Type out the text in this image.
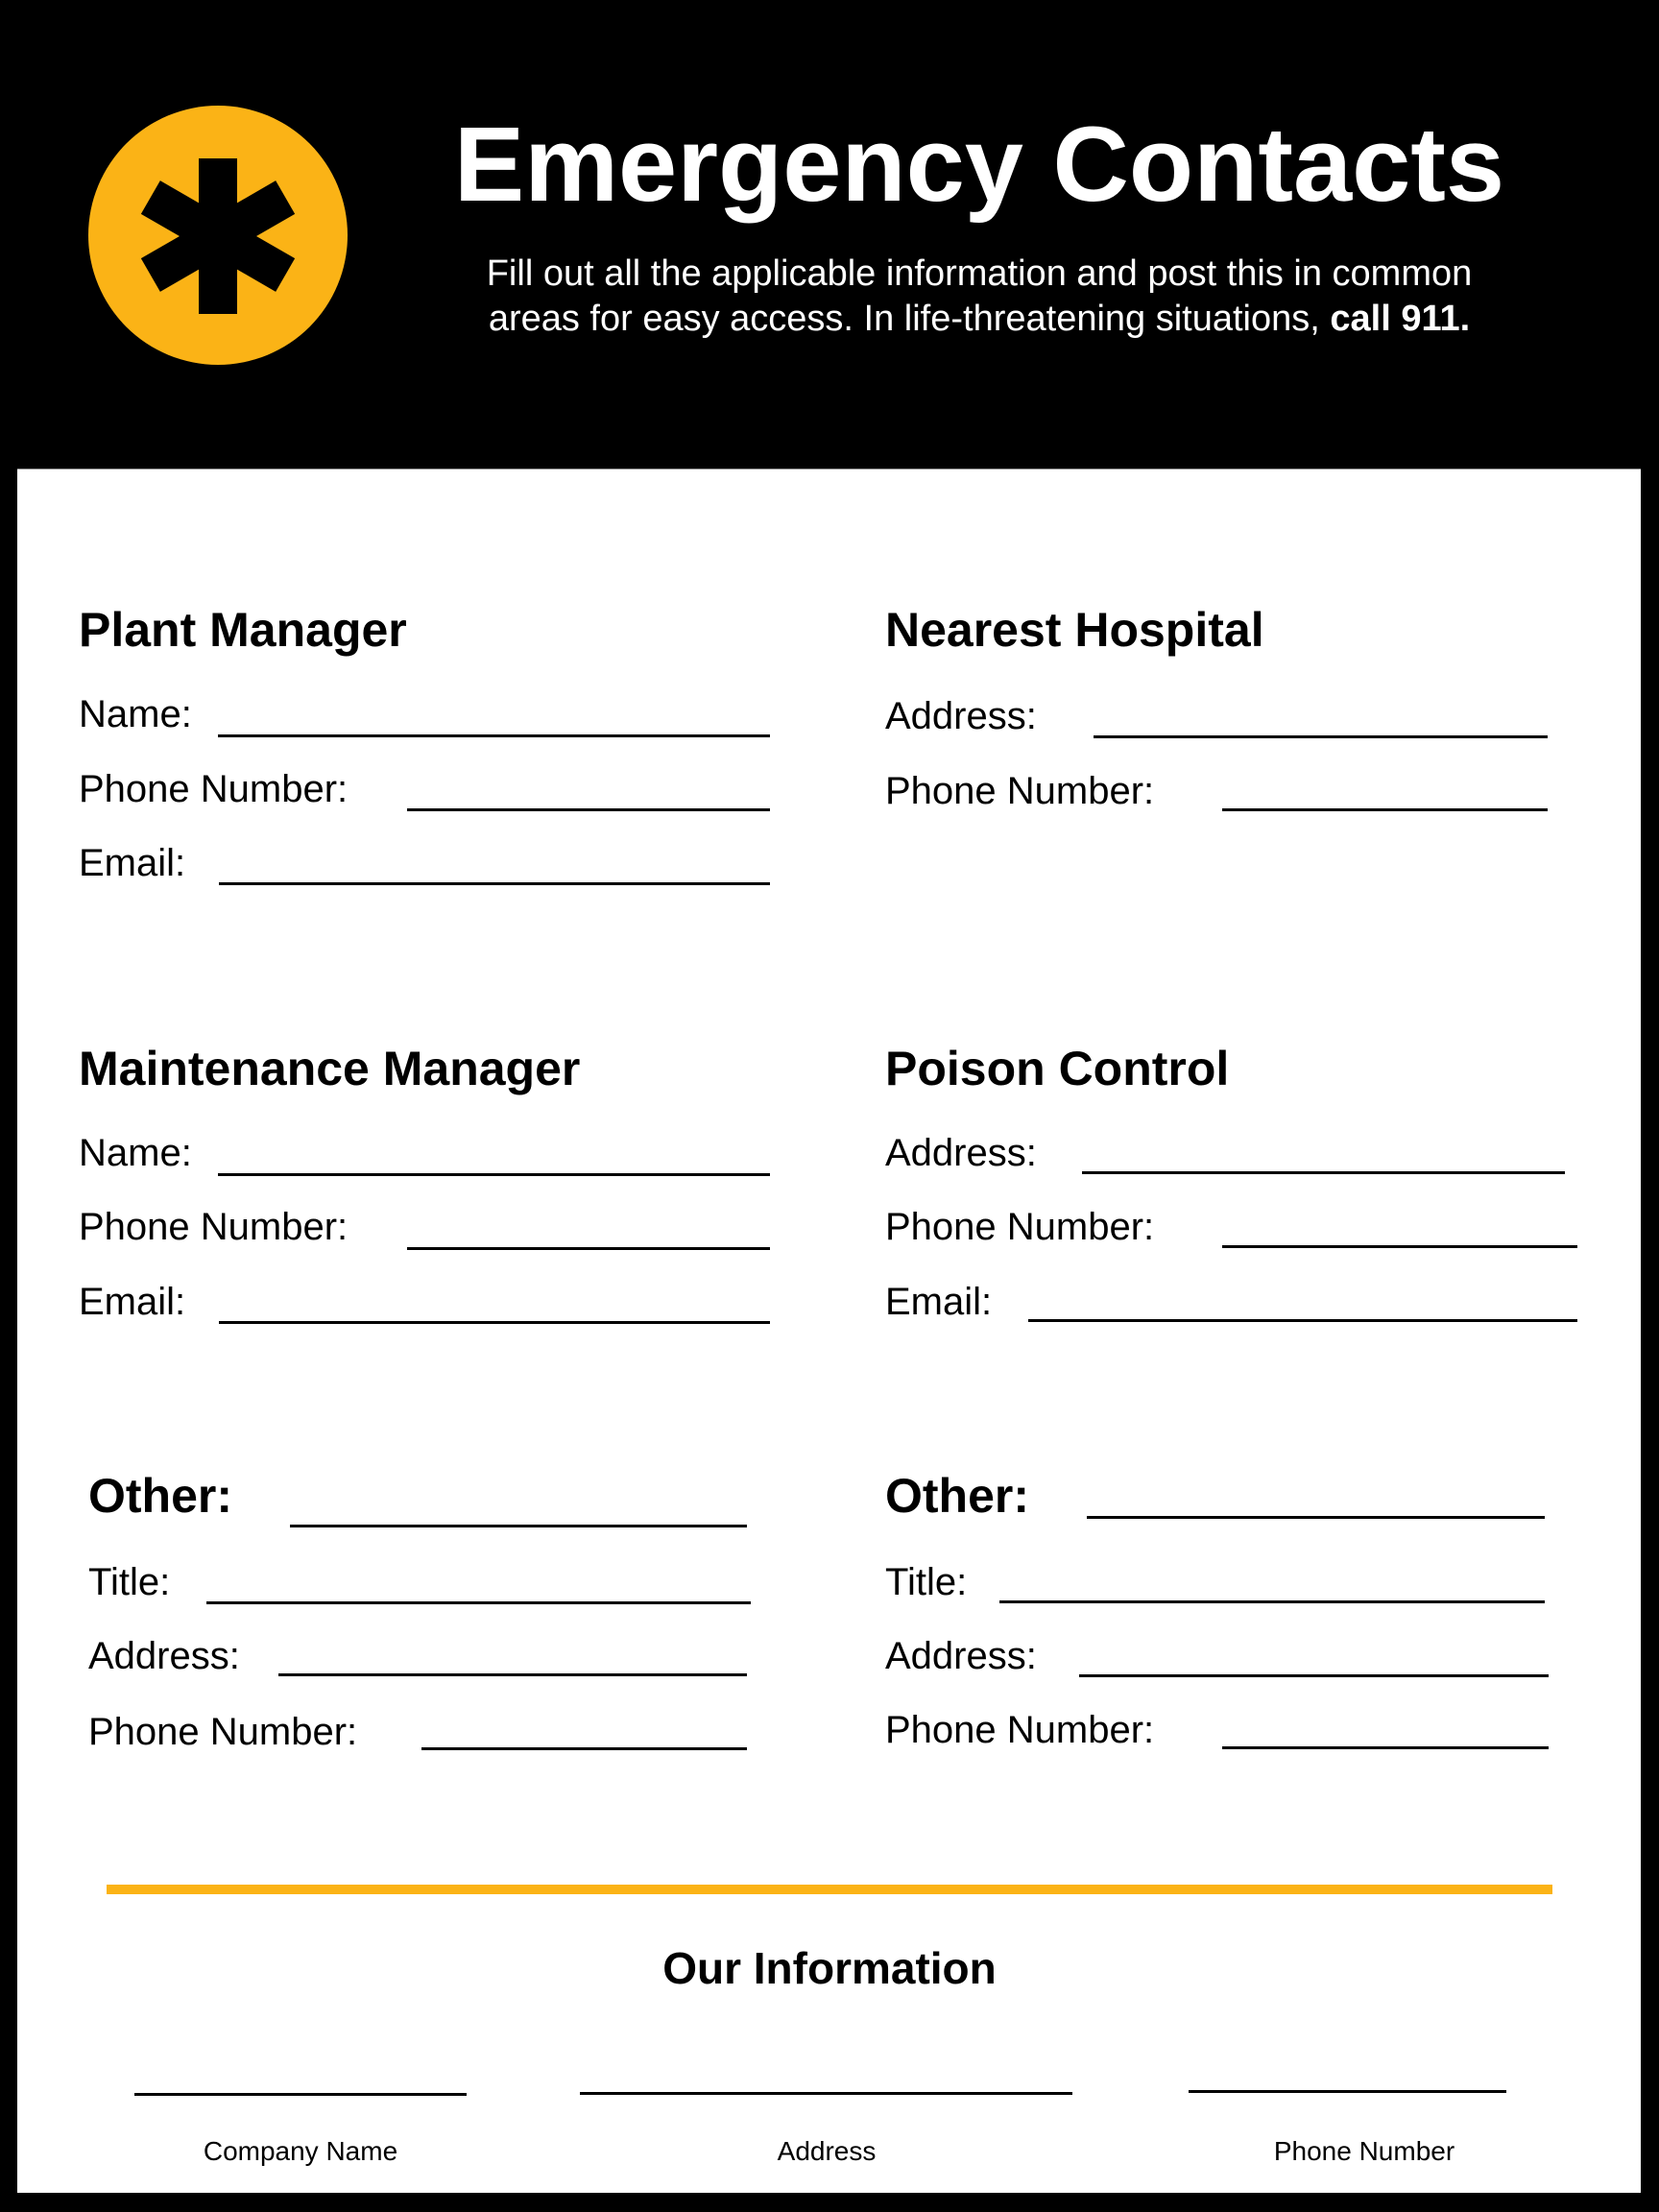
Emergency Contacts
Fill out all the applicable information and post this in common
areas for easy access. In life-threatening situations, call 911.
Plant Manager
Name:
Phone Number:
Email:
Nearest Hospital
Address:
Phone Number:
Maintenance Manager
Name:
Phone Number:
Email:
Poison Control
Address:
Phone Number:
Email:
Other:
Title:
Address:
Phone Number:
Other:
Title:
Address:
Phone Number:
Our Information
Company Name	Address	Phone Number
